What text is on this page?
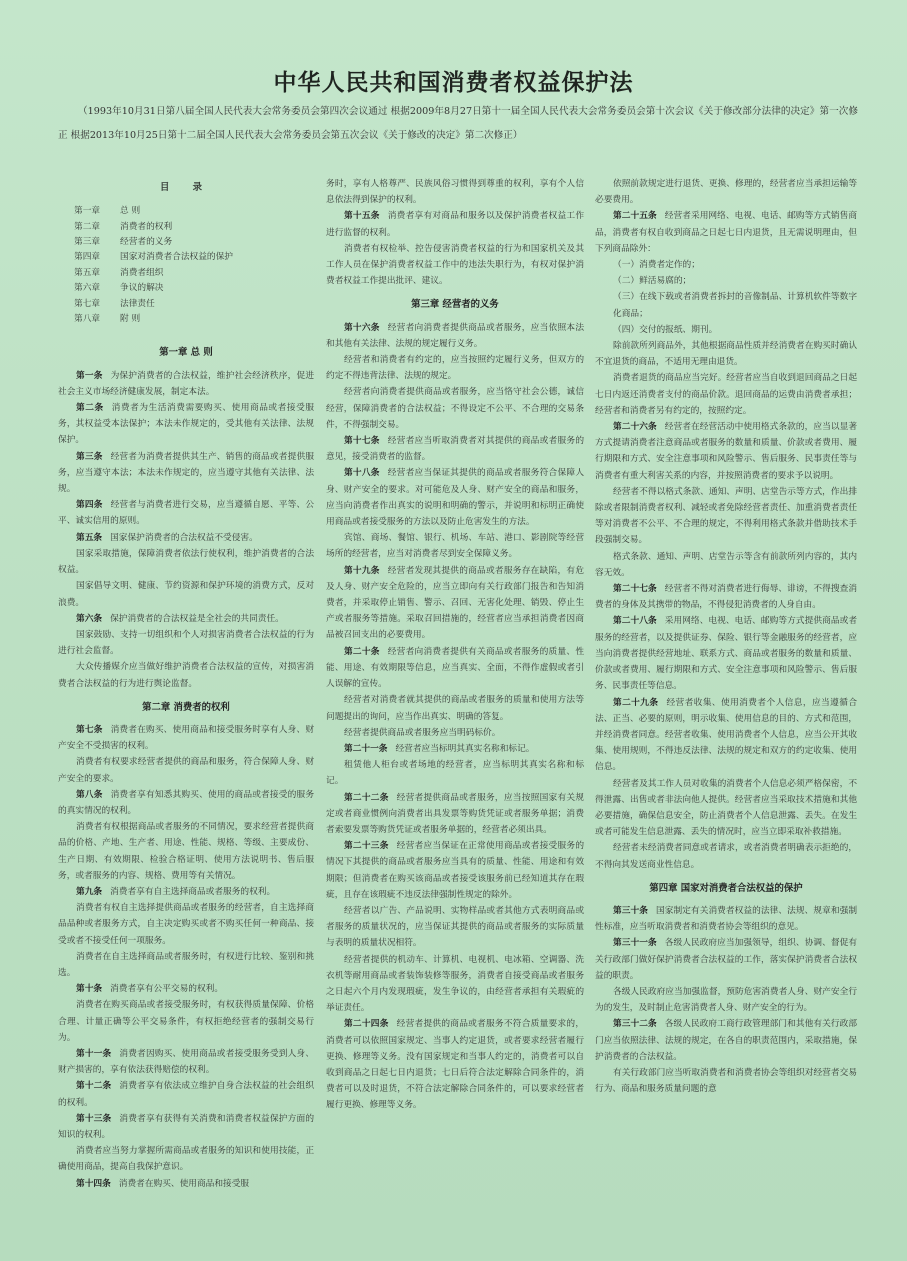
中华人民共和国消费者权益保护法
（1993年10月31日第八届全国人民代表大会常务委员会第四次会议通过 根据2009年8月27日第十一届全国人民代表大会常务委员会第十次会议《关于修改部分法律的决定》第一次修正 根据2013年10月25日第十二届全国人民代表大会常务委员会第五次会议《关于修改的决定》第二次修正）
目 录
第一章	总 则
第二章	消费者的权利
第三章	经营者的义务
第四章	国家对消费者合法权益的保护
第五章	消费者组织
第六章	争议的解决
第七章	法律责任
第八章	附 则
第一章 总 则

第一条 为保护消费者的合法权益，维护社会经济秩序，促进社会主义市场经济健康发展，制定本法。

第二条 消费者为生活消费需要购买、使用商品或者接受服务，其权益受本法保护；本法未作规定的，受其他有关法律、法规保护。

第三条 经营者为消费者提供其生产、销售的商品或者提供服务，应当遵守本法；本法未作规定的，应当遵守其他有关法律、法规。

第四条 经营者与消费者进行交易，应当遵循自愿、平等、公平、诚实信用的原则。

第五条 国家保护消费者的合法权益不受侵害。

国家采取措施，保障消费者依法行使权利，维护消费者的合法权益。

国家倡导文明、健康、节约资源和保护环境的消费方式，反对浪费。

第六条 保护消费者的合法权益是全社会的共同责任。

国家鼓励、支持一切组织和个人对损害消费者合法权益的行为进行社会监督。

大众传播媒介应当做好维护消费者合法权益的宣传，对损害消费者合法权益的行为进行舆论监督。

第二章 消费者的权利

第七条 消费者在购买、使用商品和接受服务时享有人身、财产安全不受损害的权利。

消费者有权要求经营者提供的商品和服务，符合保障人身、财产安全的要求。

第八条 消费者享有知悉其购买、使用的商品或者接受的服务的真实情况的权利。

消费者有权根据商品或者服务的不同情况，要求经营者提供商品的价格、产地、生产者、用途、性能、规格、等级、主要成份、生产日期、有效期限、检验合格证明、使用方法说明书、售后服务，或者服务的内容、规格、费用等有关情况。

第九条 消费者享有自主选择商品或者服务的权利。

消费者有权自主选择提供商品或者服务的经营者，自主选择商品品种或者服务方式，自主决定购买或者不购买任何一种商品、接受或者不接受任何一项服务。

消费者在自主选择商品或者服务时，有权进行比较、鉴别和挑选。

第十条 消费者享有公平交易的权利。

消费者在购买商品或者接受服务时，有权获得质量保障、价格合理、计量正确等公平交易条件，有权拒绝经营者的强制交易行为。

第十一条 消费者因购买、使用商品或者接受服务受到人身、财产损害的，享有依法获得赔偿的权利。

第十二条 消费者享有依法成立维护自身合法权益的社会组织的权利。

第十三条 消费者享有获得有关消费和消费者权益保护方面的知识的权利。

消费者应当努力掌握所需商品或者服务的知识和使用技能，正确使用商品，提高自我保护意识。

第十四条 消费者在购买、使用商品和接受服

务时，享有人格尊严、民族风俗习惯得到尊重的权利，享有个人信息依法得到保护的权利。

第十五条 消费者享有对商品和服务以及保护消费者权益工作进行监督的权利。

消费者有权检举、控告侵害消费者权益的行为和国家机关及其工作人员在保护消费者权益工作中的违法失职行为，有权对保护消费者权益工作提出批评、建议。

第三章 经营者的义务

第十六条 经营者向消费者提供商品或者服务，应当依照本法和其他有关法律、法规的规定履行义务。

经营者和消费者有约定的，应当按照约定履行义务，但双方的约定不得违背法律、法规的规定。

经营者向消费者提供商品或者服务，应当恪守社会公德，诚信经营，保障消费者的合法权益；不得设定不公平、不合理的交易条件，不得强制交易。

第十七条 经营者应当听取消费者对其提供的商品或者服务的意见，接受消费者的监督。

第十八条 经营者应当保证其提供的商品或者服务符合保障人身、财产安全的要求。对可能危及人身、财产安全的商品和服务，应当向消费者作出真实的说明和明确的警示，并说明和标明正确使用商品或者接受服务的方法以及防止危害发生的方法。

宾馆、商场、餐馆、银行、机场、车站、港口、影剧院等经营场所的经营者，应当对消费者尽到安全保障义务。

第十九条 经营者发现其提供的商品或者服务存在缺陷，有危及人身、财产安全危险的，应当立即向有关行政部门报告和告知消费者，并采取停止销售、警示、召回、无害化处理、销毁、停止生产或者服务等措施。采取召回措施的，经营者应当承担消费者因商品被召回支出的必要费用。

第二十条 经营者向消费者提供有关商品或者服务的质量、性能、用途、有效期限等信息，应当真实、全面，不得作虚假或者引人误解的宣传。

经营者对消费者就其提供的商品或者服务的质量和使用方法等问题提出的询问，应当作出真实、明确的答复。

经营者提供商品或者服务应当明码标价。

第二十一条 经营者应当标明其真实名称和标记。

租赁他人柜台或者场地的经营者，应当标明其真实名称和标记。

第二十二条 经营者提供商品或者服务，应当按照国家有关规定或者商业惯例向消费者出具发票等购货凭证或者服务单据；消费者索要发票等购货凭证或者服务单据的，经营者必须出具。

第二十三条 经营者应当保证在正常使用商品或者接受服务的情况下其提供的商品或者服务应当具有的质量、性能、用途和有效期限；但消费者在购买该商品或者接受该服务前已经知道其存在瑕疵，且存在该瑕疵不违反法律强制性规定的除外。

经营者以广告、产品说明、实物样品或者其他方式表明商品或者服务的质量状况的，应当保证其提供的商品或者服务的实际质量与表明的质量状况相符。

经营者提供的机动车、计算机、电视机、电冰箱、空调器、洗衣机等耐用商品或者装饰装修等服务，消费者自接受商品或者服务之日起六个月内发现瑕疵，发生争议的，由经营者承担有关瑕疵的举证责任。

第二十四条 经营者提供的商品或者服务不符合质量要求的，消费者可以依照国家规定、当事人约定退货，或者要求经营者履行更换、修理等义务。没有国家规定和当事人约定的，消费者可以自收到商品之日起七日内退货；七日后符合法定解除合同条件的，消费者可以及时退货，不符合法定解除合同条件的，可以要求经营者履行更换、修理等义务。

依照前款规定进行退货、更换、修理的，经营者应当承担运输等必要费用。

第二十五条 经营者采用网络、电视、电话、邮购等方式销售商品，消费者有权自收到商品之日起七日内退货，且无需说明理由，但下列商品除外：

（一）消费者定作的；

（二）鲜活易腐的；

（三）在线下载或者消费者拆封的音像制品、计算机软件等数字化商品；

（四）交付的报纸、期刊。

除前款所列商品外，其他根据商品性质并经消费者在购买时确认不宜退货的商品，不适用无理由退货。

消费者退货的商品应当完好。经营者应当自收到退回商品之日起七日内返还消费者支付的商品价款。退回商品的运费由消费者承担；经营者和消费者另有约定的，按照约定。

第二十六条 经营者在经营活动中使用格式条款的，应当以显著方式提请消费者注意商品或者服务的数量和质量、价款或者费用、履行期限和方式、安全注意事项和风险警示、售后服务、民事责任等与消费者有重大利害关系的内容，并按照消费者的要求予以说明。

经营者不得以格式条款、通知、声明、店堂告示等方式，作出排除或者限制消费者权利、减轻或者免除经营者责任、加重消费者责任等对消费者不公平、不合理的规定，不得利用格式条款并借助技术手段强制交易。

格式条款、通知、声明、店堂告示等含有前款所列内容的，其内容无效。

第二十七条 经营者不得对消费者进行侮辱、诽谤，不得搜查消费者的身体及其携带的物品，不得侵犯消费者的人身自由。

第二十八条 采用网络、电视、电话、邮购等方式提供商品或者服务的经营者，以及提供证券、保险、银行等金融服务的经营者，应当向消费者提供经营地址、联系方式、商品或者服务的数量和质量、价款或者费用、履行期限和方式、安全注意事项和风险警示、售后服务、民事责任等信息。

第二十九条 经营者收集、使用消费者个人信息，应当遵循合法、正当、必要的原则，明示收集、使用信息的目的、方式和范围，并经消费者同意。经营者收集、使用消费者个人信息，应当公开其收集、使用规则，不得违反法律、法规的规定和双方的约定收集、使用信息。

经营者及其工作人员对收集的消费者个人信息必须严格保密，不得泄露、出售或者非法向他人提供。经营者应当采取技术措施和其他必要措施，确保信息安全，防止消费者个人信息泄露、丢失。在发生或者可能发生信息泄露、丢失的情况时，应当立即采取补救措施。

经营者未经消费者同意或者请求，或者消费者明确表示拒绝的，不得向其发送商业性信息。

第四章 国家对消费者合法权益的保护

第三十条 国家制定有关消费者权益的法律、法规、规章和强制性标准，应当听取消费者和消费者协会等组织的意见。

第三十一条 各级人民政府应当加强领导，组织、协调、督促有关行政部门做好保护消费者合法权益的工作，落实保护消费者合法权益的职责。

各级人民政府应当加强监督，预防危害消费者人身、财产安全行为的发生，及时制止危害消费者人身、财产安全的行为。

第三十二条 各级人民政府工商行政管理部门和其他有关行政部门应当依照法律、法规的规定，在各自的职责范围内，采取措施，保护消费者的合法权益。

有关行政部门应当听取消费者和消费者协会等组织对经营者交易行为、商品和服务质量问题的意
